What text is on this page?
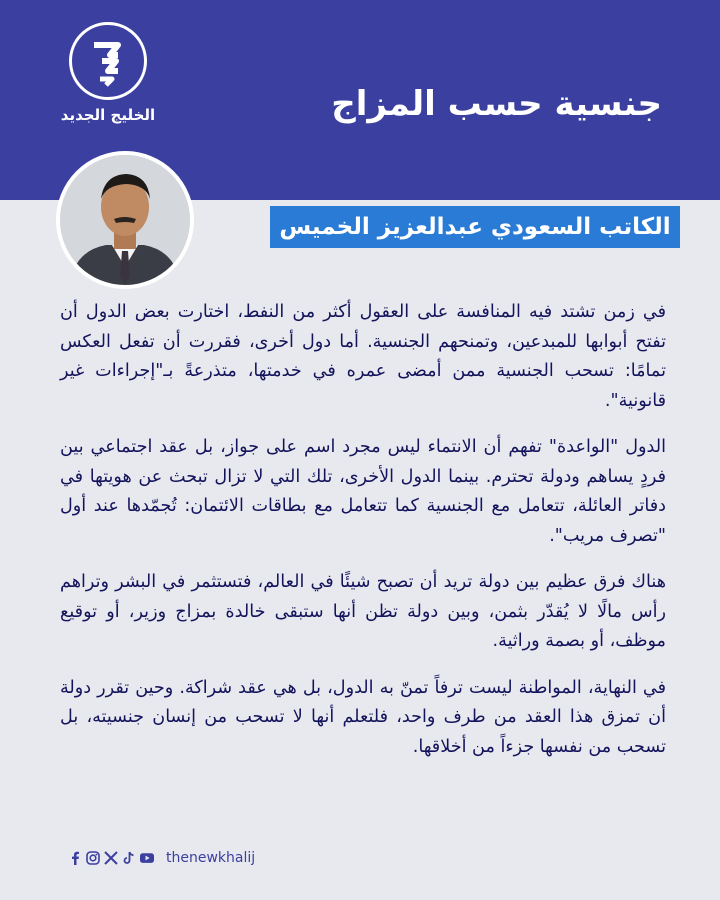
الخليج الجديد	جنسية حسب المزاج
الكاتب السعودي عبدالعزيز الخميس

في زمن تشتد فيه المنافسة على العقول أكثر من النفط، اختارت بعض الدول أن تفتح أبوابها للمبدعين، وتمنحهم الجنسية. أما دول أخرى، فقررت أن تفعل العكس تمامًا: تسحب الجنسية ممن أمضى عمره في خدمتها، متذرعةً بـ"إجراءات غير قانونية".

الدول "الواعدة" تفهم أن الانتماء ليس مجرد اسم على جواز، بل عقد اجتماعي بين فردٍ يساهم ودولة تحترم. بينما الدول الأخرى، تلك التي لا تزال تبحث عن هويتها في دفاتر العائلة، تتعامل مع الجنسية كما تتعامل مع بطاقات الائتمان: تُجمّدها عند أول "تصرف مريب".

هناك فرق عظيم بين دولة تريد أن تصبح شيئًا في العالم، فتستثمر في البشر وتراهم رأس مالًا لا يُقدّر بثمن، وبين دولة تظن أنها ستبقى خالدة بمزاج وزير، أو توقيع موظف، أو بصمة وراثية.

في النهاية، المواطنة ليست ترفاً تمنّ به الدول، بل هي عقد شراكة. وحين تقرر دولة أن تمزق هذا العقد من طرف واحد، فلتعلم أنها لا تسحب من إنسان جنسيته، بل تسحب من نفسها جزءاً من أخلاقها.

thenewkhalij
